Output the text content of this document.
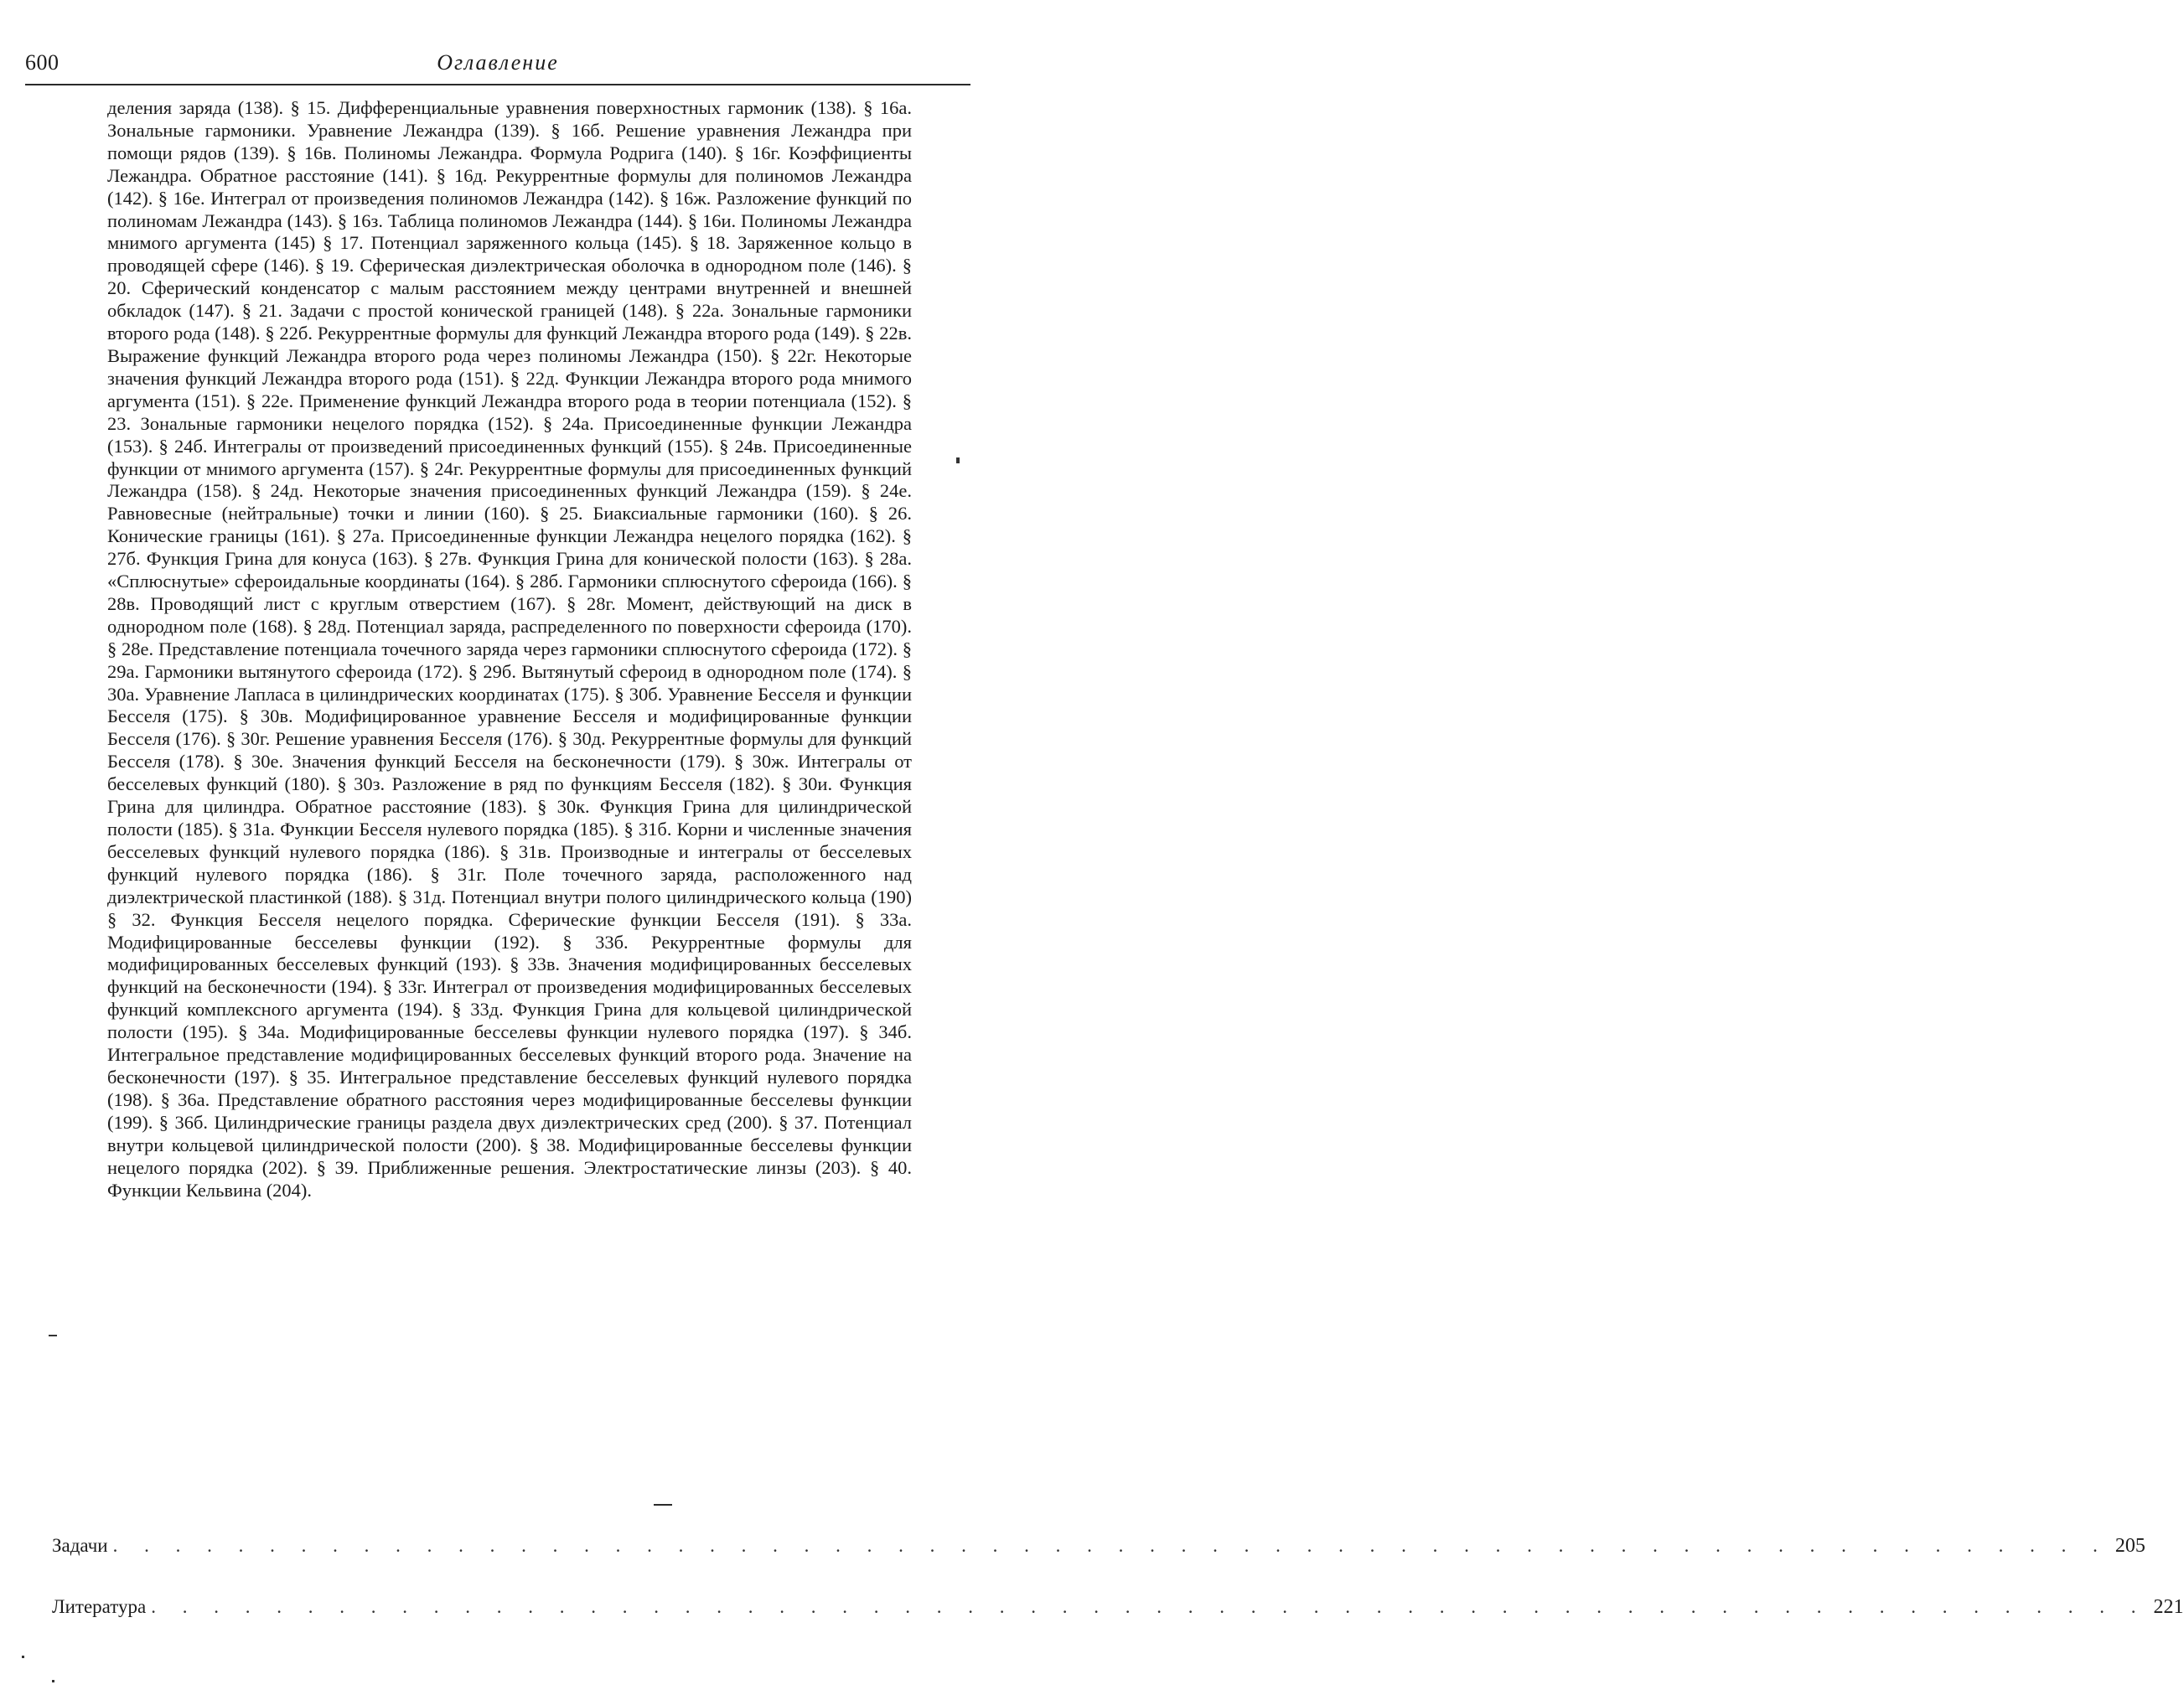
600	Оглавление
деления заряда (138). § 15. Дифференциальные уравнения поверхностных гармоник (138). § 16а. Зональные гармоники. Уравнение Лежандра (139). § 16б. Решение уравнения Лежандра при помощи рядов (139). § 16в. Полиномы Лежандра. Формула Родрига (140). § 16г. Коэффициенты Лежандра. Обратное расстояние (141). § 16д. Рекуррентные формулы для полиномов Лежандра (142). § 16е. Интеграл от произведения полиномов Лежандра (142). § 16ж. Разложение функций по полиномам Лежандра (143). § 16з. Таблица полиномов Лежандра (144). § 16и. Полиномы Лежандра мнимого аргумента (145) § 17. Потенциал заряженного кольца (145). § 18. Заряженное кольцо в проводящей сфере (146). § 19. Сферическая диэлектрическая оболочка в однородном поле (146). § 20. Сферический конденсатор с малым расстоянием между центрами внутренней и внешней обкладок (147). § 21. Задачи с простой конической границей (148). § 22а. Зональные гармоники второго рода (148). § 22б. Рекуррентные формулы для функций Лежандра второго рода (149). § 22в. Выражение функций Лежандра второго рода через полиномы Лежандра (150). § 22г. Некоторые значения функций Лежандра второго рода (151). § 22д. Функции Лежандра второго рода мнимого аргумента (151). § 22е. Применение функций Лежандра второго рода в теории потенциала (152). § 23. Зональные гармоники нецелого порядка (152). § 24а. Присоединенные функции Лежандра (153). § 24б. Интегралы от произведений присоединенных функций (155). § 24в. Присоединенные функции от мнимого аргумента (157). § 24г. Рекуррентные формулы для присоединенных функций Лежандра (158). § 24д. Некоторые значения присоединенных функций Лежандра (159). § 24е. Равновесные (нейтральные) точки и линии (160). § 25. Биаксиальные гармоники (160). § 26. Конические границы (161). § 27а. Присоединенные функции Лежандра нецелого порядка (162). § 27б. Функция Грина для конуса (163). § 27в. Функция Грина для конической полости (163). § 28а. «Сплюснутые» сфероидальные координаты (164). § 28б. Гармоники сплюснутого сфероида (166). § 28в. Проводящий лист с круглым отверстием (167). § 28г. Момент, действующий на диск в однородном поле (168). § 28д. Потенциал заряда, распределенного по поверхности сфероида (170). § 28е. Представление потенциала точечного заряда через гармоники сплюснутого сфероида (172). § 29а. Гармоники вытянутого сфероида (172). § 29б. Вытянутый сфероид в однородном поле (174). § 30а. Уравнение Лапласа в цилиндрических координатах (175). § 30б. Уравнение Бесселя и функции Бесселя (175). § 30в. Модифицированное уравнение Бесселя и модифицированные функции Бесселя (176). § 30г. Решение уравнения Бесселя (176). § 30д. Рекуррентные формулы для функций Бесселя (178). § 30е. Значения функций Бесселя на бесконечности (179). § 30ж. Интегралы от бесселевых функций (180). § 30з. Разложение в ряд по функциям Бесселя (182). § 30и. Функция Грина для цилиндра. Обратное расстояние (183). § 30к. Функция Грина для цилиндрической полости (185). § 31а. Функции Бесселя нулевого порядка (185). § 31б. Корни и численные значения бесселевых функций нулевого порядка (186). § 31в. Производные и интегралы от бесселевых функций нулевого порядка (186). § 31г. Поле точечного заряда, расположенного над диэлектрической пластинкой (188). § 31д. Потенциал внутри полого цилиндрического кольца (190) § 32. Функция Бесселя нецелого порядка. Сферические функции Бесселя (191). § 33а. Модифицированные бесселевы функции (192). § 33б. Рекуррентные формулы для модифицированных бесселевых функций (193). § 33в. Значения модифицированных бесселевых функций на бесконечности (194). § 33г. Интеграл от произведения модифицированных бесселевых функций комплексного аргумента (194). § 33д. Функция Грина для кольцевой цилиндрической полости (195). § 34а. Модифицированные бесселевы функции нулевого порядка (197). § 34б. Интегральное представление модифицированных бесселевых функций второго рода. Значение на бесконечности (197). § 35. Интегральное представление бесселевых функций нулевого порядка (198). § 36а. Представление обратного расстояния через модифицированные бесселевы функции (199). § 36б. Цилиндрические границы раздела двух диэлектрических сред (200). § 37. Потенциал внутри кольцевой цилиндрической полости (200). § 38. Модифицированные бесселевы функции нецелого порядка (202). § 39. Приближенные решения. Электростатические линзы (203). § 40. Функции Кельвина (204).
Задачи . . . . . . . . . . . . . . . . . . . . . . . . . . . . . . . . . . . . . . . . . . . . . . . . . . . . . . . . . . . . . . . . 205
Литература . . . . . . . . . . . . . . . . . . . . . . . . . . . . . . . . . . . . . . . . . . . . . . . . . . . . . . . . . . . . . . . . 221
